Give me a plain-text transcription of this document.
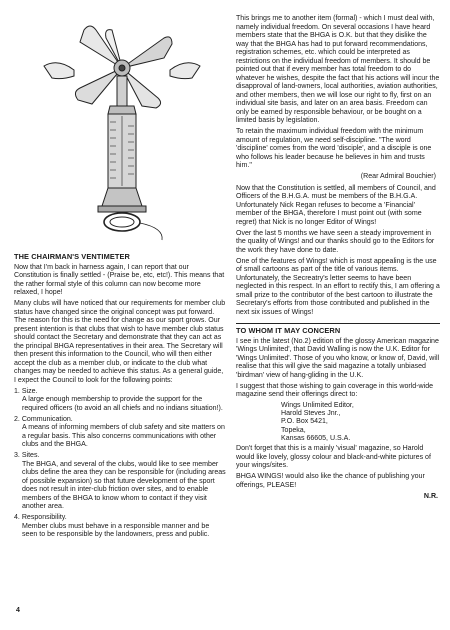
THE CHAIRMAN'S VENTIMETER

Now that I'm back in harness again, I can report that our Constitution is finally settled - (Praise be, etc, etc!). This means that the rather formal style of this column can now become more relaxed, I hope!

Many clubs will have noticed that our requirements for member club status have changed since the original concept was put forward. The reason for this is the need for change as our sport grows. Our present intention is that clubs that wish to have member club status should contact the Secretary and demonstrate that they can act as the principal BHGA representatives in their area. The Secretary will then present this information to the Council, who will then either accept the club as a member club, or indicate to the club what changes may be needed to achieve this status. As a general guide, I expect the Council to look for the following points:

1. Size.

A large enough membership to provide the support for the required officers (to avoid an all chiefs and no indians situation!).

2. Communication.

A means of informing members of club safety and site matters on a regular basis. This also concerns communications with other clubs and the BHGA.

3. Sites.

The BHGA, and several of the clubs, would like to see member clubs define the area they can be responsible for (including areas of possible expansion) so that future development of the sport does not result in inter-club friction over sites, and to enable members of the BHGA to know whom to contact if they visit another area.

4. Responsibility.

Member clubs must behave in a responsible manner and be seen to be responsible by the landowners, press and public.

This brings me to another item (formal) - which I must deal with, namely individual freedom. On several occasions I have heard members state that the BHGA is O.K. but that they dislike the way that the BHGA has had to put forward recommendations, registration schemes, etc. which could be interpreted as restrictions on the individual freedom of members. It should be pointed out that if every member has total freedom to do whatever he wishes, despite the fact that his actions will incur the disapproval of land-owners, local authorities, aviation authorities, and other members, then we will lose our right to fly, first on an individual site basis, and later on an area basis. Freedom can only be earned by responsible behaviour, or be bought on a limited basis by legislation.

To retain the maximum individual freedom with the minimum amount of regulation, we need self-discipline. "The word 'discipline' comes from the word 'disciple', and a disciple is one who follows his leader because he believes in him and trusts him."

(Rear Admiral Bouchier)

Now that the Constitution is settled, all members of Council, and Officers of the B.H.G.A. must be members of the B.H.G.A. Unfortunately Nick Regan refuses to become a 'Financial' member of the BHGA, therefore I must point out (with some regret) that Nick is no longer Editor of Wings!

Over the last 5 months we have seen a steady improvement in the quality of Wings! and our thanks should go to the Editors for the work they have done to date.

One of the features of Wings! which is most appealing is the use of small cartoons as part of the title of various items. Unfortunately, the Secreatry's letter seems to have been neglected in this respect. In an effort to rectify this, I am offering a small prize to the contributor of the best cartoon to illustrate the Secretary's efforts from those contributed and published in the next six issues of Wings!

TO WHOM IT MAY CONCERN

I see in the latest (No.2) edition of the glossy American magazine 'Wings Unlimited', that David Walling is now the U.K. Editor for 'Wings Unlimited'. Those of you who know, or know of, David, will realise that this will give the said magazine a totally unbiased 'birdman' view of hang-gliding in the U.K.

I suggest that those wishing to gain coverage in this world-wide magazine send their offerings direct to:

Wings Unlimited Editor,
Harold Steves Jnr.,
P.O. Box 5421,
Topeka,
Kansas 66605, U.S.A.

Don't forget that this is a mainly 'visual' magazine, so Harold would like lovely, glossy colour and black-and-white pictures of your wings/sites.

BHGA WINGS! would also like the chance of publishing your offerings, PLEASE!

N.R.
4
